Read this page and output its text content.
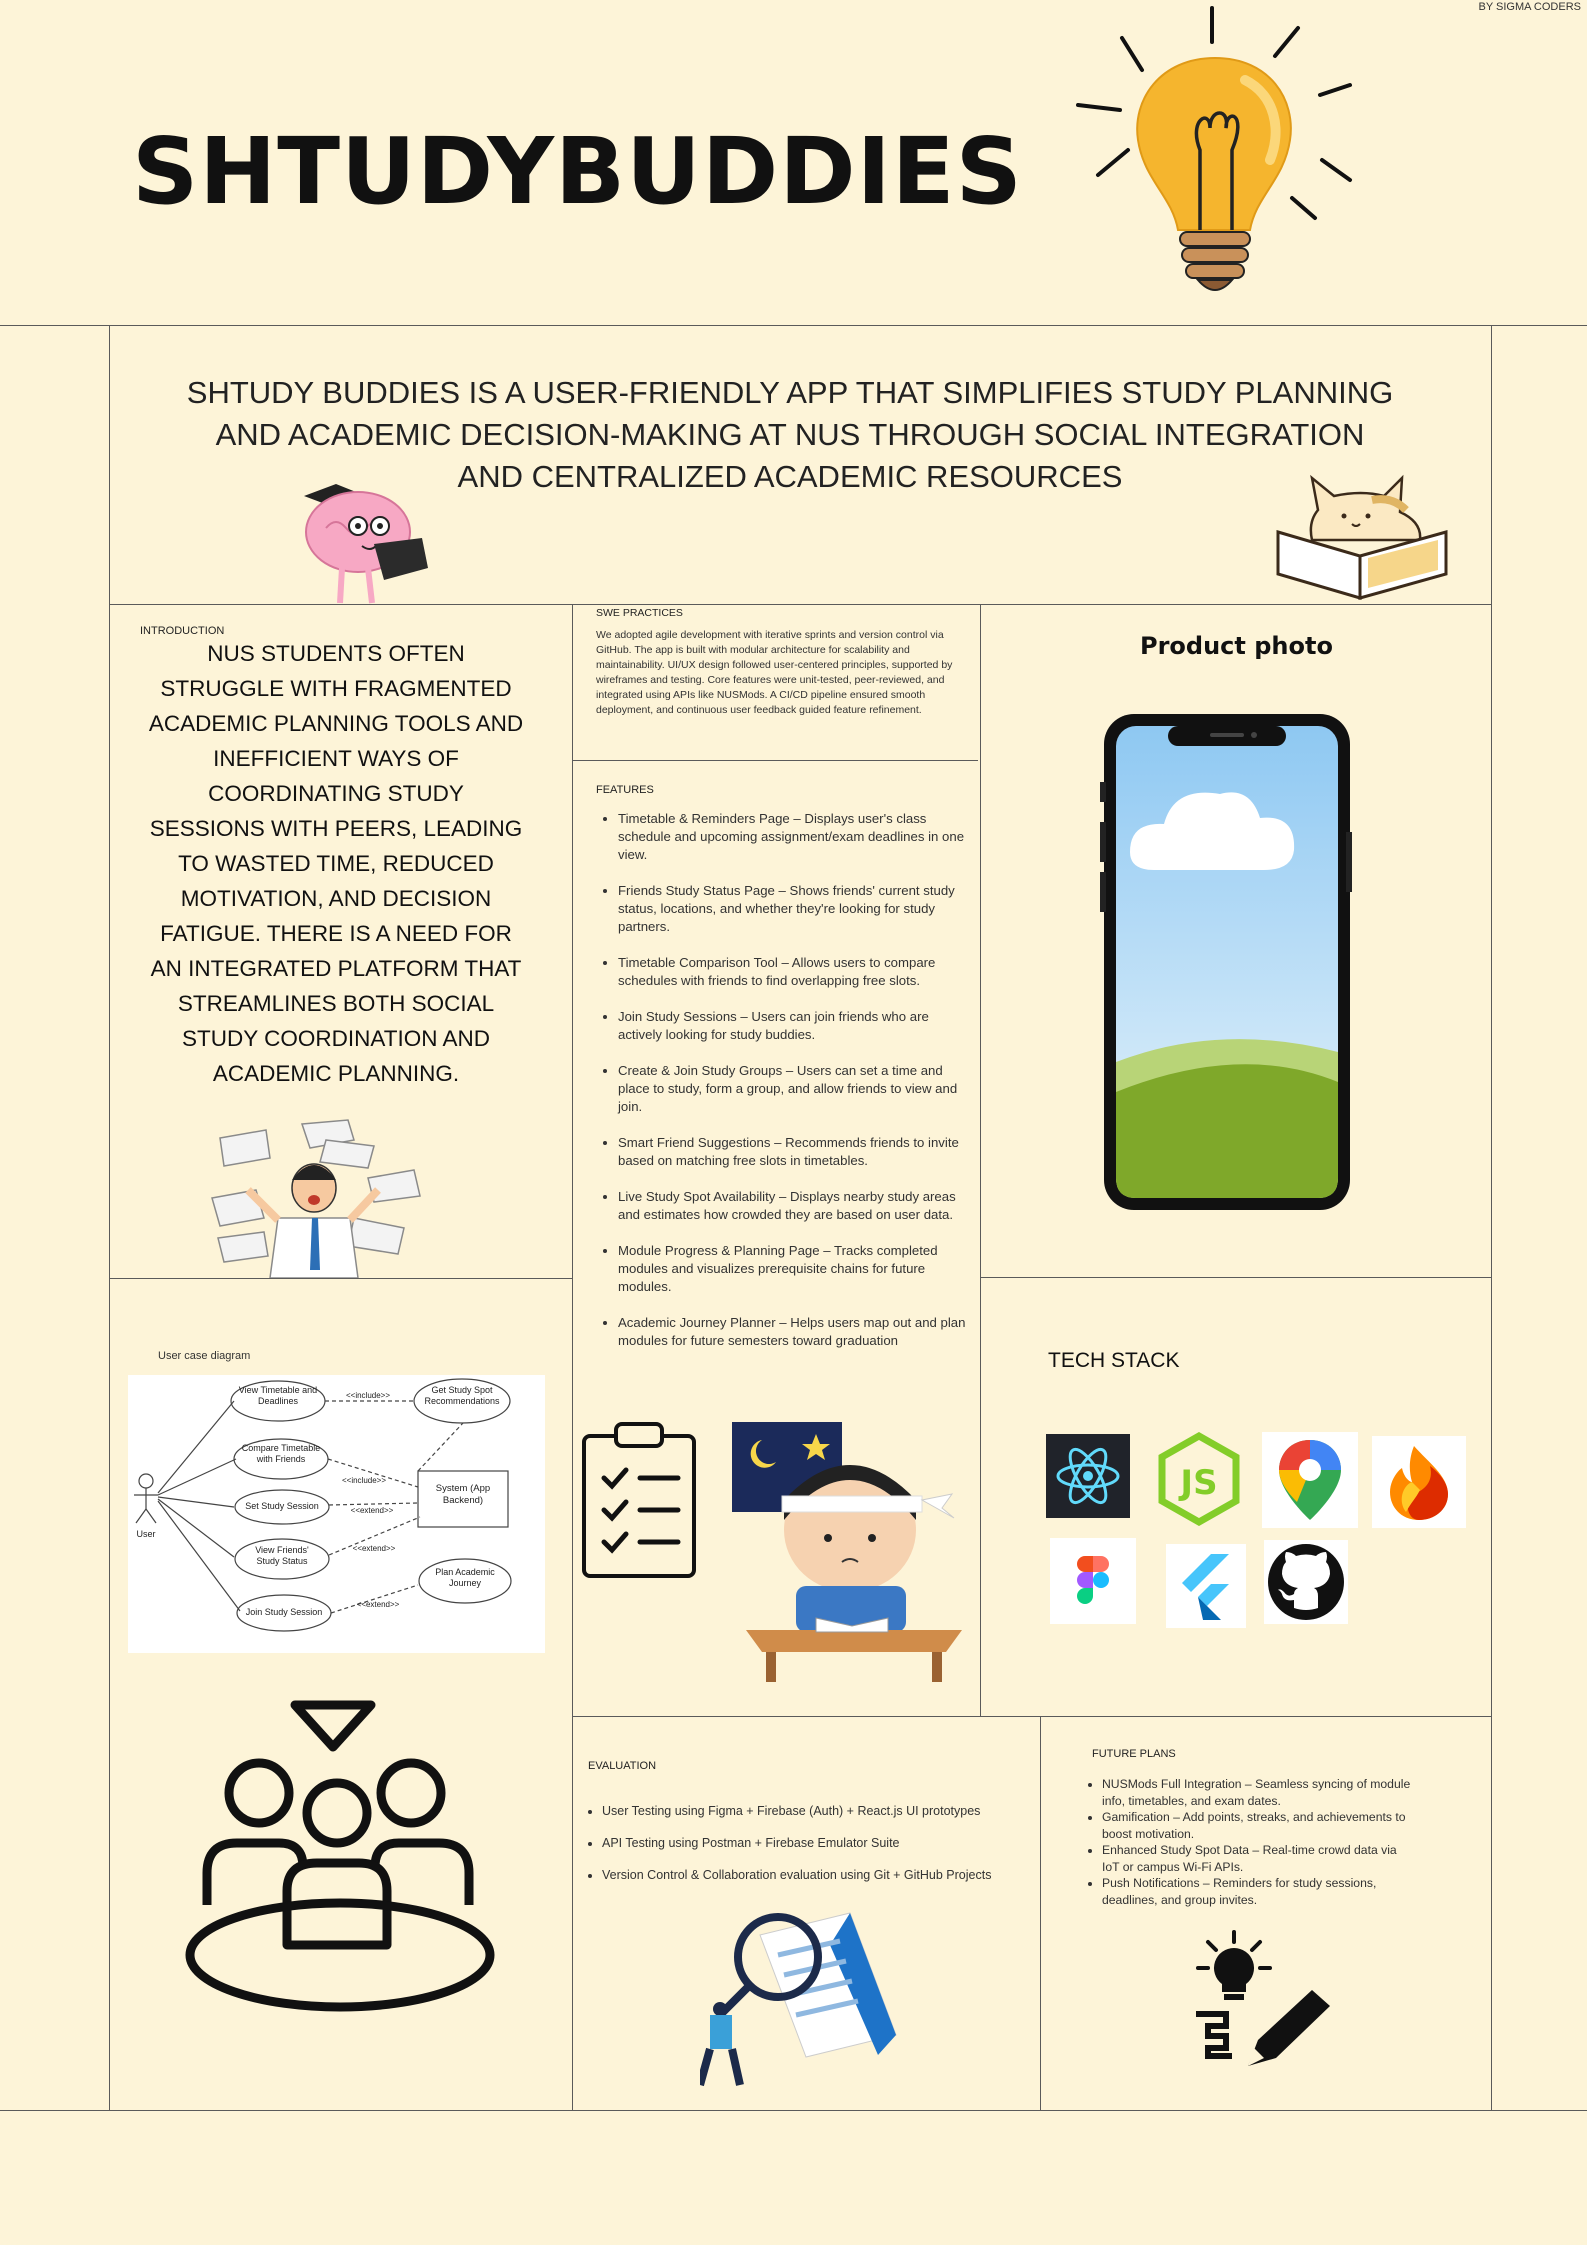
BY SIGMA CODERS
SHTUDYBUDDIES
SHTUDY BUDDIES IS A USER-FRIENDLY APP THAT SIMPLIFIES STUDY PLANNING AND ACADEMIC DECISION-MAKING AT NUS THROUGH SOCIAL INTEGRATION AND CENTRALIZED ACADEMIC RESOURCES
INTRODUCTION
NUS STUDENTS OFTEN STRUGGLE WITH FRAGMENTED ACADEMIC PLANNING TOOLS AND INEFFICIENT WAYS OF COORDINATING STUDY SESSIONS WITH PEERS, LEADING TO WASTED TIME, REDUCED MOTIVATION, AND DECISION FATIGUE. THERE IS A NEED FOR AN INTEGRATED PLATFORM THAT STREAMLINES BOTH SOCIAL STUDY COORDINATION AND ACADEMIC PLANNING.
SWE PRACTICES
We adopted agile development with iterative sprints and version control via GitHub. The app is built with modular architecture for scalability and maintainability. UI/UX design followed user-centered principles, supported by wireframes and testing. Core features were unit-tested, peer-reviewed, and integrated using APIs like NUSMods. A CI/CD pipeline ensured smooth deployment, and continuous user feedback guided feature refinement.
FEATURES
• Timetable & Reminders Page – Displays user's class schedule and upcoming assignment/exam deadlines in one view.
• Friends Study Status Page – Shows friends' current study status, locations, and whether they're looking for study partners.
• Timetable Comparison Tool – Allows users to compare schedules with friends to find overlapping free slots.
• Join Study Sessions – Users can join friends who are actively looking for study buddies.
• Create & Join Study Groups – Users can set a time and place to study, form a group, and allow friends to view and join.
• Smart Friend Suggestions – Recommends friends to invite based on matching free slots in timetables.
• Live Study Spot Availability – Displays nearby study areas and estimates how crowded they are based on user data.
• Module Progress & Planning Page – Tracks completed modules and visualizes prerequisite chains for future modules.
• Academic Journey Planner – Helps users map out and plan modules for future semesters toward graduation
Product photo
TECH STACK
JS
User case diagram
User
View Timetable and Deadlines
Compare Timetable with Friends
Set Study Session
View Friends' Study Status
Join Study Session
Get Study Spot Recommendations
Plan Academic Journey
System (App Backend)
<<include>>
<<include>>
<<extend>>
<<extend>>
<<extend>>
EVALUATION
• User Testing using Figma + Firebase (Auth) + React.js UI prototypes
• API Testing using Postman + Firebase Emulator Suite
• Version Control & Collaboration evaluation using Git + GitHub Projects
FUTURE PLANS
• NUSMods Full Integration – Seamless syncing of module info, timetables, and exam dates.
• Gamification – Add points, streaks, and achievements to boost motivation.
• Enhanced Study Spot Data – Real-time crowd data via IoT or campus Wi-Fi APIs.
• Push Notifications – Reminders for study sessions, deadlines, and group invites.
